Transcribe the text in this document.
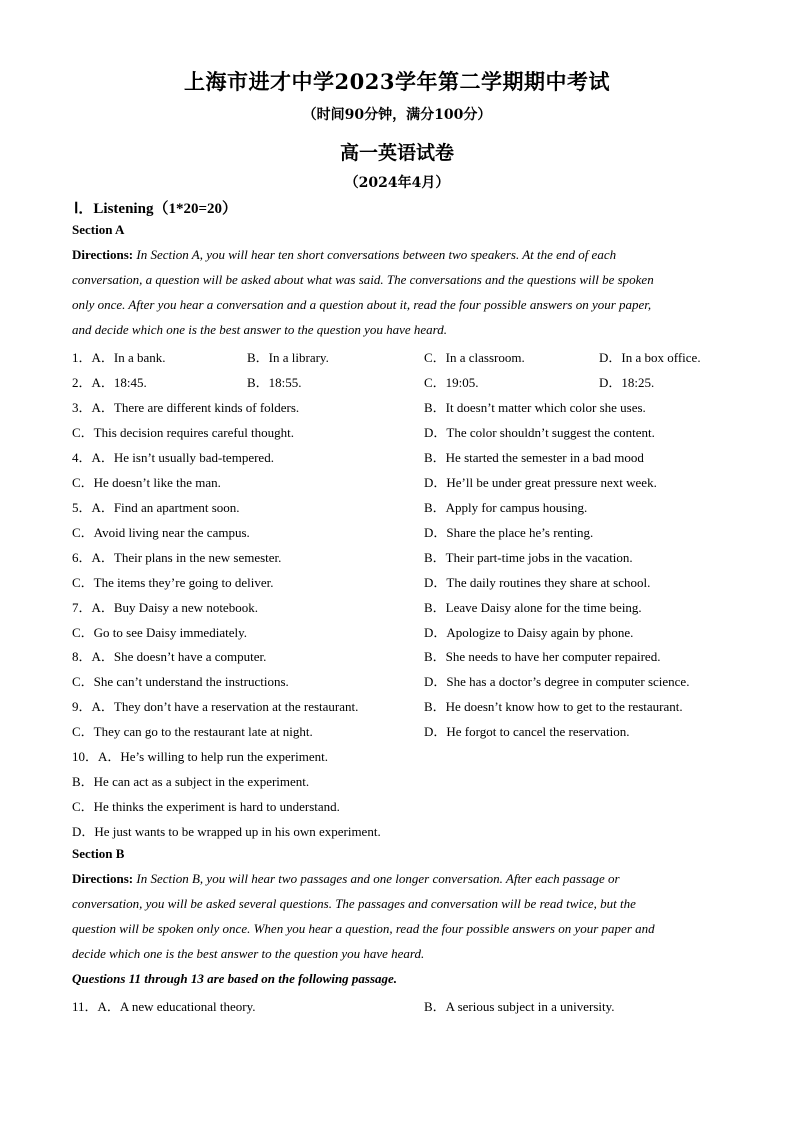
上海市进才中学2023学年第二学期期中考试
（时间90分钟，满分100分）
高一英语试卷
（2024年4月）
Ⅰ．Listening（1*20=20）
Section A
Directions: In Section A, you will hear ten short conversations between two speakers. At the end of each
conversation, a question will be asked about what was said. The conversations and the questions will be spoken
only once. After you hear a conversation and a question about it, read the four possible answers on your paper,
and decide which one is the best answer to the question you have heard.
1．A．In a bank.	B．In a library.	C．In a classroom.	D．In a box office.
2．A．18:45.	B．18:55.	C．19:05.	D．18:25.
3．A．There are different kinds of folders.	B．It doesn’t matter which color she uses.
C．This decision requires careful thought.	D．The color shouldn’t suggest the content.
4．A．He isn’t usually bad-tempered.	B．He started the semester in a bad mood
C．He doesn’t like the man.	D．He’ll be under great pressure next week.
5．A．Find an apartment soon.	B．Apply for campus housing.
C．Avoid living near the campus.	D．Share the place he’s renting.
6．A．Their plans in the new semester.	B．Their part-time jobs in the vacation.
C．The items they’re going to deliver.	D．The daily routines they share at school.
7．A．Buy Daisy a new notebook.	B．Leave Daisy alone for the time being.
C．Go to see Daisy immediately.	D．Apologize to Daisy again by phone.
8．A．She doesn’t have a computer.	B．She needs to have her computer repaired.
C．She can’t understand the instructions.	D．She has a doctor’s degree in computer science.
9．A．They don’t have a reservation at the restaurant.	B．He doesn’t know how to get to the restaurant.
C．They can go to the restaurant late at night.	D．He forgot to cancel the reservation.
10．A．He’s willing to help run the experiment.
B．He can act as a subject in the experiment.
C．He thinks the experiment is hard to understand.
D．He just wants to be wrapped up in his own experiment.
Section B
Directions: In Section B, you will hear two passages and one longer conversation. After each passage or
conversation, you will be asked several questions. The passages and conversation will be read twice, but the
question will be spoken only once. When you hear a question, read the four possible answers on your paper and
decide which one is the best answer to the question you have heard.
Questions 11 through 13 are based on the following passage.
11．A．A new educational theory.	B．A serious subject in a university.
